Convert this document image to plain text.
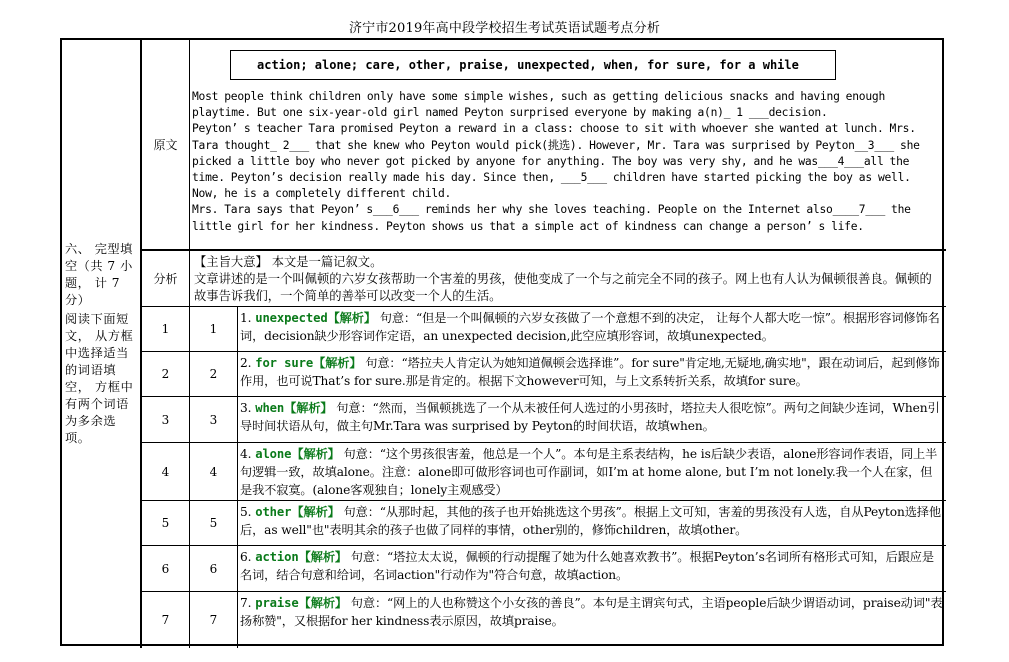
济宁市2019年高中段学校招生考试英语试题考点分析
六、 完型填空（共 7 小题， 计 7 分）
阅读下面短文， 从方框中选择适当的词语填空， 方框中有两个词语为多余选项。
原文
action; alone; care, other, praise, unexpected, when, for sure, for a while

Most people think children only have some simple wishes, such as getting delicious snacks and having enough playtime. But one six-year-old girl named Peyton surprised everyone by making a(n)_ 1 ___decision.

Peyton’ s teacher Tara promised Peyton a reward in a class: choose to sit with whoever she wanted at lunch. Mrs. Tara thought_ 2___ that she knew who Peyton would pick(挑选). However, Mr. Tara was surprised by Peyton__3___ she picked a little boy who never got picked by anyone for anything. The boy was very shy, and he was___4___all the time. Peyton’s decision really made his day. Since then, ___5___ children have started picking the boy as well. Now, he is a completely different child.

Mrs. Tara says that Peyon’ s___6___ reminds her why she loves teaching. People on the Internet also____7___ the little girl for her kindness. Peyton shows us that a simple act of kindness can change a person’ s life.

分析
【主旨大意】 本文是一篇记叙文。
文章讲述的是一个叫佩顿的六岁女孩帮助一个害羞的男孩，使他变成了一个与之前完全不同的孩子。网上也有人认为佩顿很善良。佩顿的故事告诉我们，一个简单的善举可以改变一个人的生活。
1	1
1. unexpected【解析】 句意：“但是一个叫佩顿的六岁女孩做了一个意想不到的决定， 让每个人都大吃一惊”。根据形容词修饰名词，decision缺少形容词作定语，an unexpected decision,此空应填形容词，故填unexpected。
2	2
2. for sure【解析】 句意：“塔拉夫人肯定认为她知道佩顿会选择谁”。for sure"肯定地,无疑地,确实地"，跟在动词后，起到修饰作用，也可说That’s for sure.那是肯定的。根据下文however可知，与上文系转折关系，故填for sure。
3	3
3. when【解析】 句意：“然而，当佩顿挑选了一个从未被任何人选过的小男孩时，塔拉夫人很吃惊”。两句之间缺少连词，When引导时间状语从句，做主句Mr.Tara was surprised by Peyton的时间状语，故填when。
4	4
4. alone【解析】 句意：“这个男孩很害羞，他总是一个人”。本句是主系表结构，he is后缺少表语，alone形容词作表语，同上半句逻辑一致，故填alone。注意：alone即可做形容词也可作副词，如I’m at home alone, but I’m not lonely.我一个人在家，但是我不寂寞。(alone客观独自；lonely主观感受）
5	5
5. other【解析】 句意：“从那时起，其他的孩子也开始挑选这个男孩”。根据上文可知，害羞的男孩没有人选，自从Peyton选择他后，as well"也"表明其余的孩子也做了同样的事情，other别的，修饰children，故填other。
6	6
6. action【解析】 句意：“塔拉太太说，佩顿的行动提醒了她为什么她喜欢教书”。根据Peyton’s名词所有格形式可知，后跟应是名词，结合句意和给词，名词action"行动作为"符合句意，故填action。
7	7
7. praise【解析】 句意：“网上的人也称赞这个小女孩的善良”。本句是主谓宾句式，主语people后缺少谓语动词，praise动词"表扬称赞"，又根据for her kindness表示原因，故填praise。
